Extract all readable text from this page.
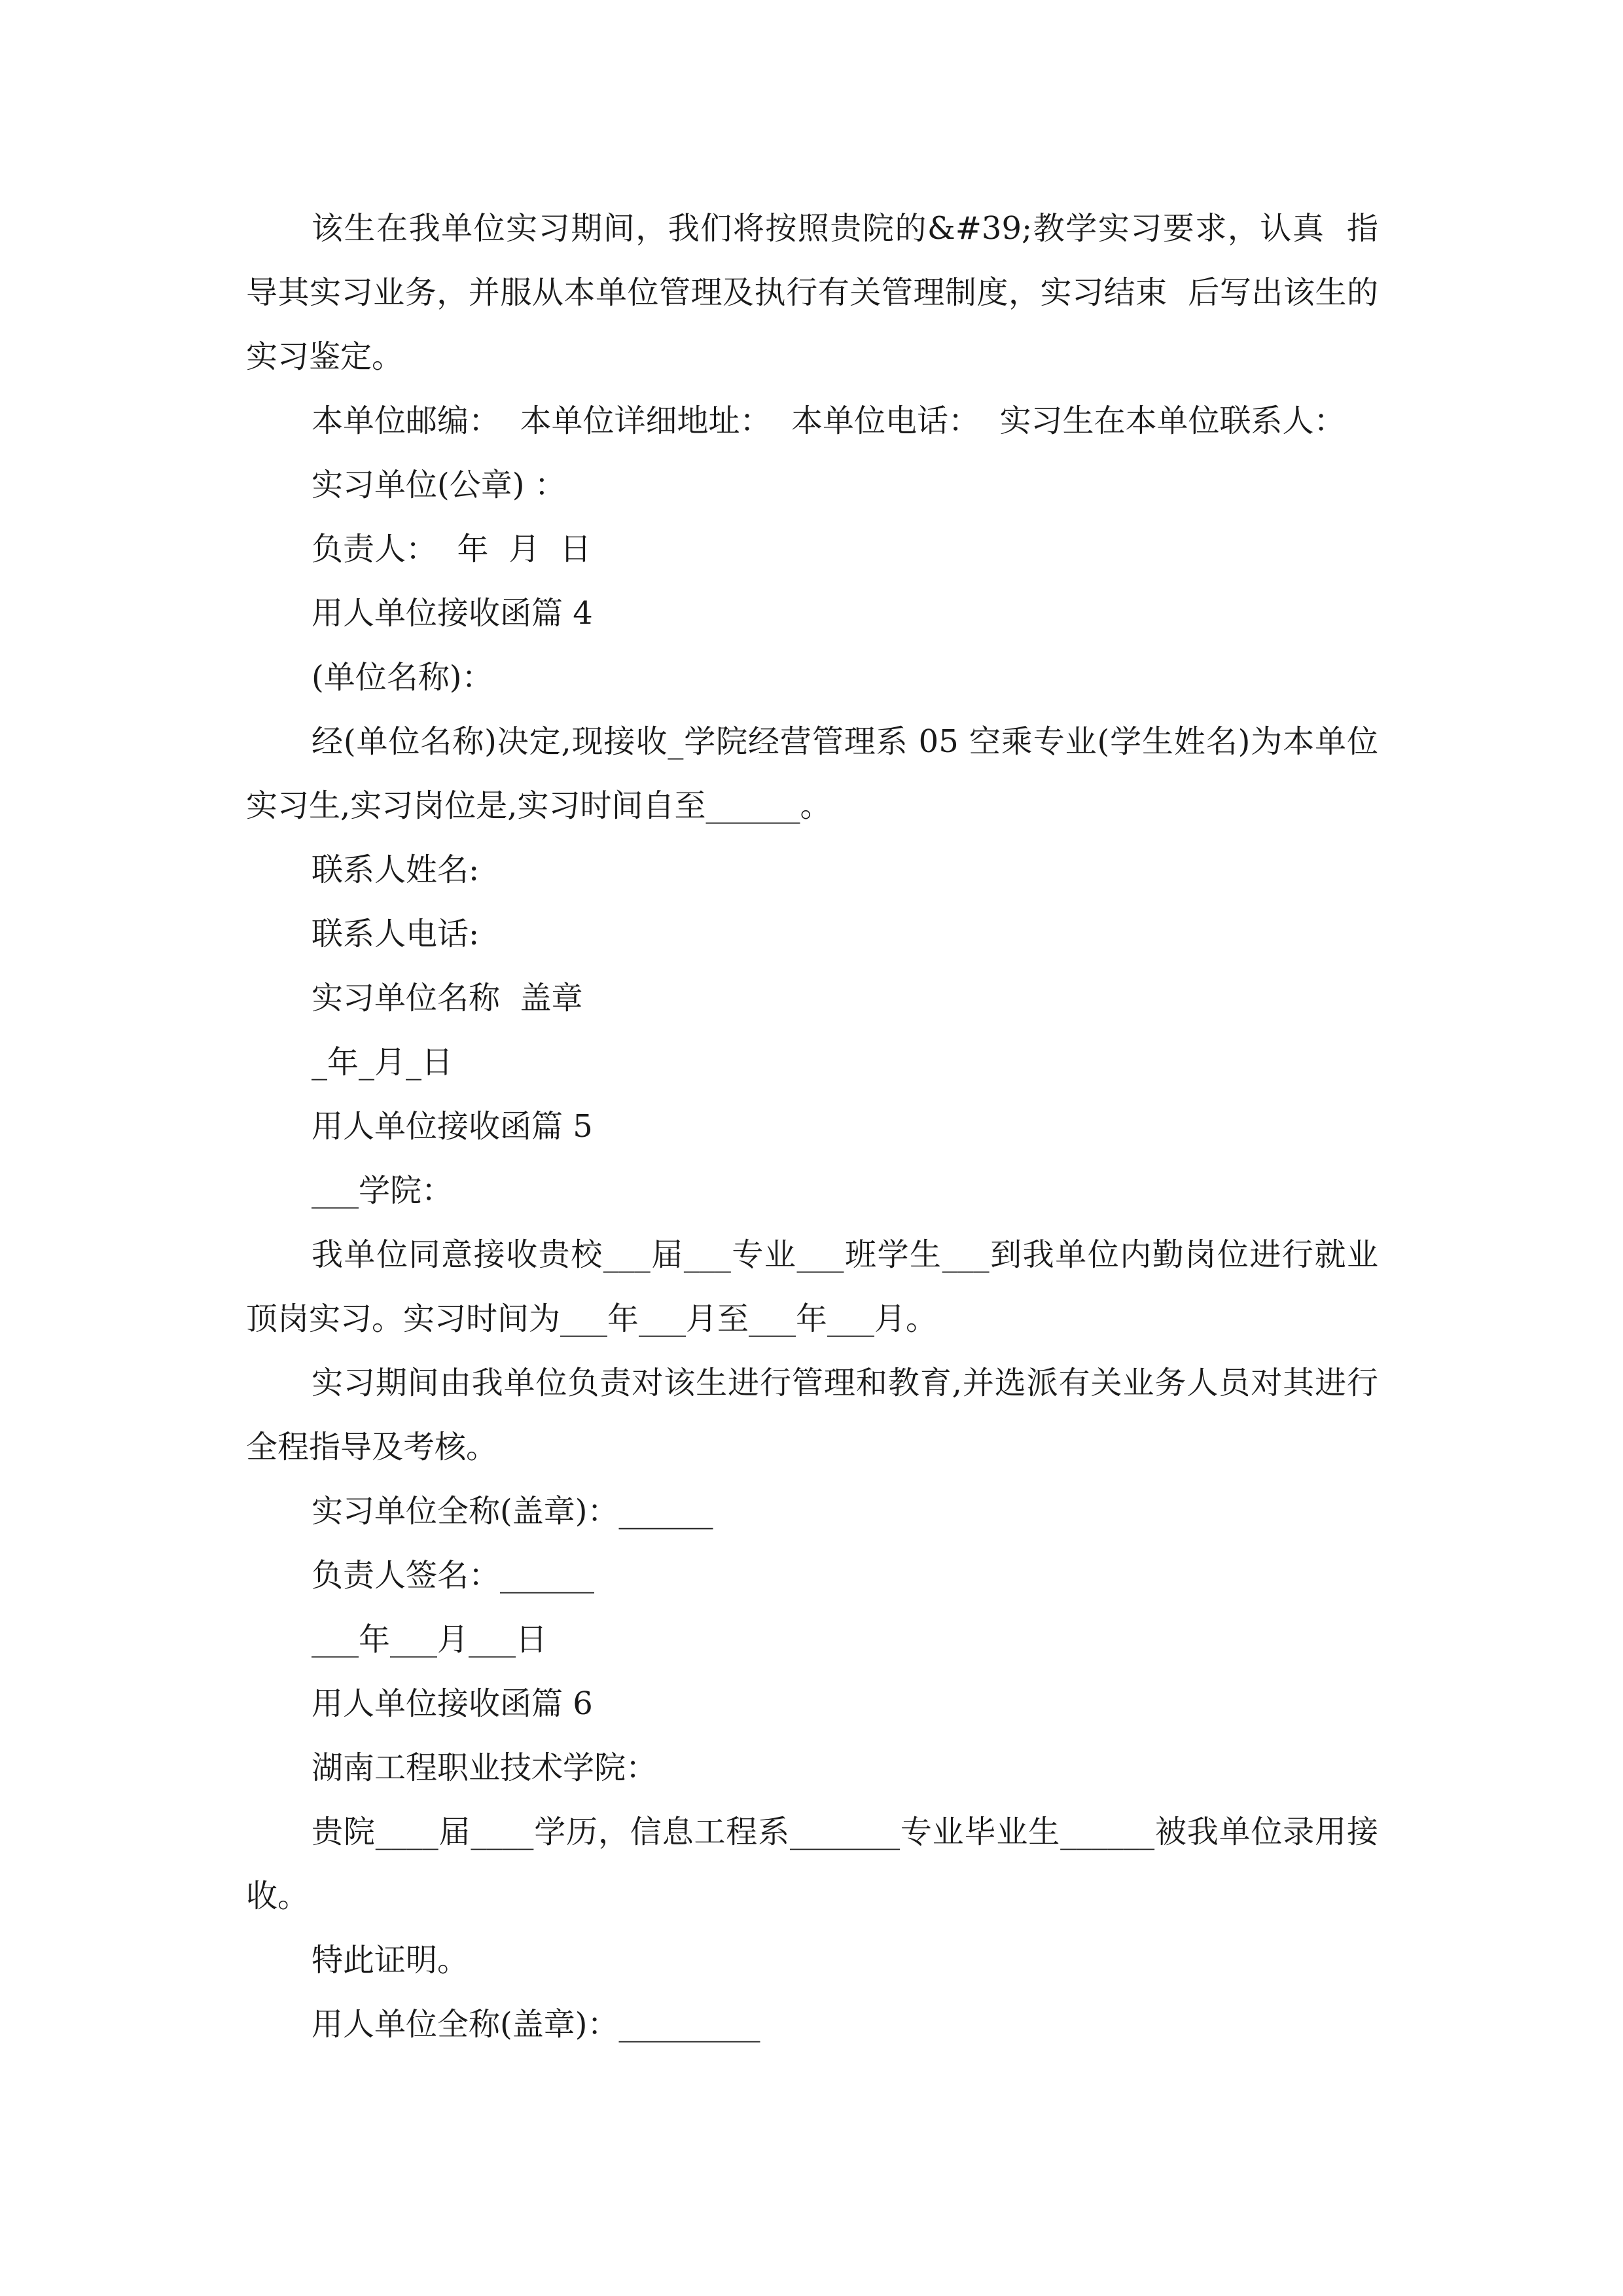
该生在我单位实习期间，我们将按照贵院的&#39;教学实习要求，认真  指导其实习业务，并服从本单位管理及执行有关管理制度，实习结束  后写出该生的实习鉴定。

本单位邮编：  本单位详细地址：  本单位电话：  实习生在本单位联系人：

实习单位(公章) ：

负责人：  年  月  日

用人单位接收函篇 4

(单位名称)：

经(单位名称)决定,现接收_学院经营管理系 05 空乘专业(学生姓名)为本单位实习生,实习岗位是,实习时间自至______。

联系人姓名:

联系人电话:

实习单位名称  盖章

_年_月_日

用人单位接收函篇 5

___学院：

我单位同意接收贵校___届___专业___班学生___到我单位内勤岗位进行就业顶岗实习。实习时间为___年___月至___年___月。

实习期间由我单位负责对该生进行管理和教育,并选派有关业务人员对其进行全程指导及考核。

实习单位全称(盖章)：______

负责人签名：______

___年___月___日

用人单位接收函篇 6

湖南工程职业技术学院：

贵院____届____学历，信息工程系_______专业毕业生______被我单位录用接收。

特此证明。

用人单位全称(盖章)：_________
